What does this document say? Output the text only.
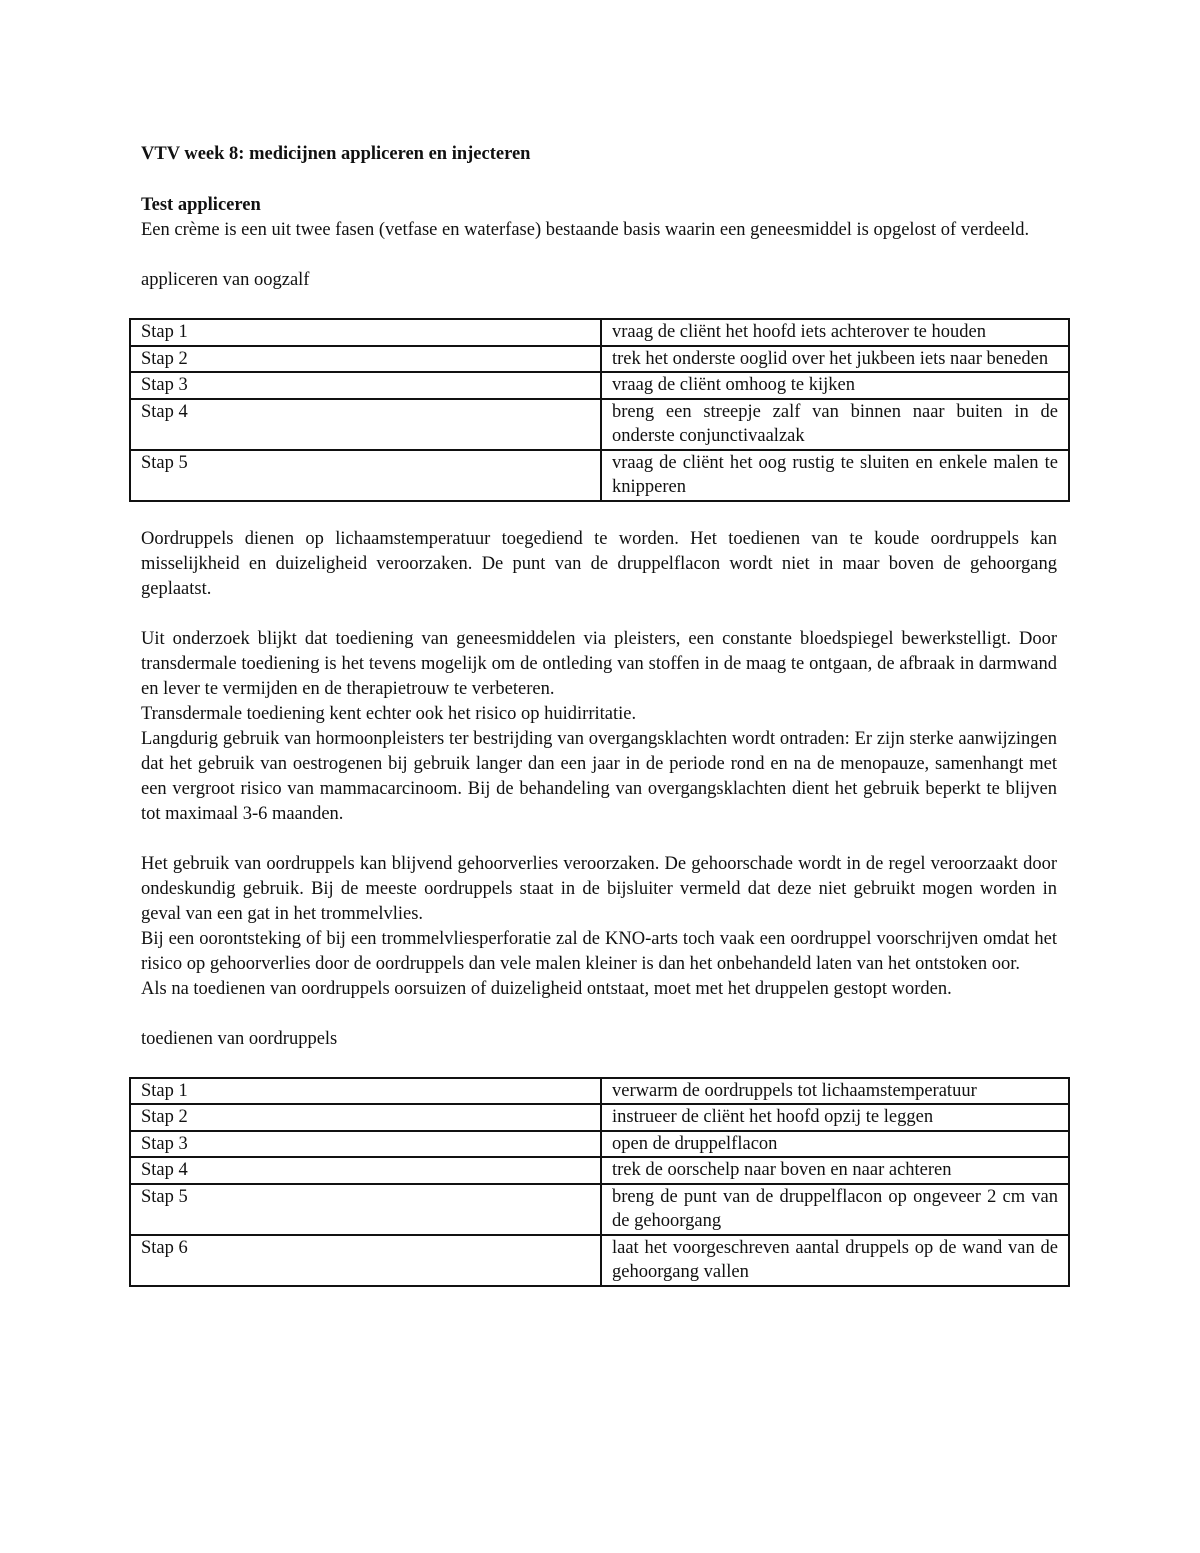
VTV week 8: medicijnen appliceren en injecteren
Test appliceren

Een crème is een uit twee fasen (vetfase en waterfase) bestaande basis waarin een geneesmiddel is opgelost of verdeeld.

appliceren van oogzalf

Stap 1	vraag de cliënt het hoofd iets achterover te houden
Stap 2	trek het onderste ooglid over het jukbeen iets naar beneden
Stap 3	vraag de cliënt omhoog te kijken
Stap 4	breng een streepje zalf van binnen naar buiten in de onderste conjunctivaalzak
Stap 5	vraag de cliënt het oog rustig te sluiten en enkele malen te knipperen

Oordruppels dienen op lichaamstemperatuur toegediend te worden. Het toedienen van te koude oordruppels kan misselijkheid en duizeligheid veroorzaken. De punt van de druppelflacon wordt niet in maar boven de gehoorgang geplaatst.

Uit onderzoek blijkt dat toediening van geneesmiddelen via pleisters, een constante bloedspiegel bewerkstelligt. Door transdermale toediening is het tevens mogelijk om de ontleding van stoffen in de maag te ontgaan, de afbraak in darmwand en lever te vermijden en de therapietrouw te verbeteren.

Transdermale toediening kent echter ook het risico op huidirritatie.

Langdurig gebruik van hormoonpleisters ter bestrijding van overgangsklachten wordt ontraden: Er zijn sterke aanwijzingen dat het gebruik van oestrogenen bij gebruik langer dan een jaar in de periode rond en na de menopauze, samenhangt met een vergroot risico van mammacarcinoom. Bij de behandeling van overgangsklachten dient het gebruik beperkt te blijven tot maximaal 3-6 maanden.

Het gebruik van oordruppels kan blijvend gehoorverlies veroorzaken. De gehoorschade wordt in de regel veroorzaakt door ondeskundig gebruik. Bij de meeste oordruppels staat in de bijsluiter vermeld dat deze niet gebruikt mogen worden in geval van een gat in het trommelvlies.

Bij een oorontsteking of bij een trommelvliesperforatie zal de KNO-arts toch vaak een oordruppel voorschrijven omdat het risico op gehoorverlies door de oordruppels dan vele malen kleiner is dan het onbehandeld laten van het ontstoken oor.

Als na toedienen van oordruppels oorsuizen of duizeligheid ontstaat, moet met het druppelen gestopt worden.

toedienen van oordruppels

Stap 1	verwarm de oordruppels tot lichaamstemperatuur
Stap 2	instrueer de cliënt het hoofd opzij te leggen
Stap 3	open de druppelflacon
Stap 4	trek de oorschelp naar boven en naar achteren
Stap 5	breng de punt van de druppelflacon op ongeveer 2 cm van de gehoorgang
Stap 6	laat het voorgeschreven aantal druppels op de wand van de gehoorgang vallen
